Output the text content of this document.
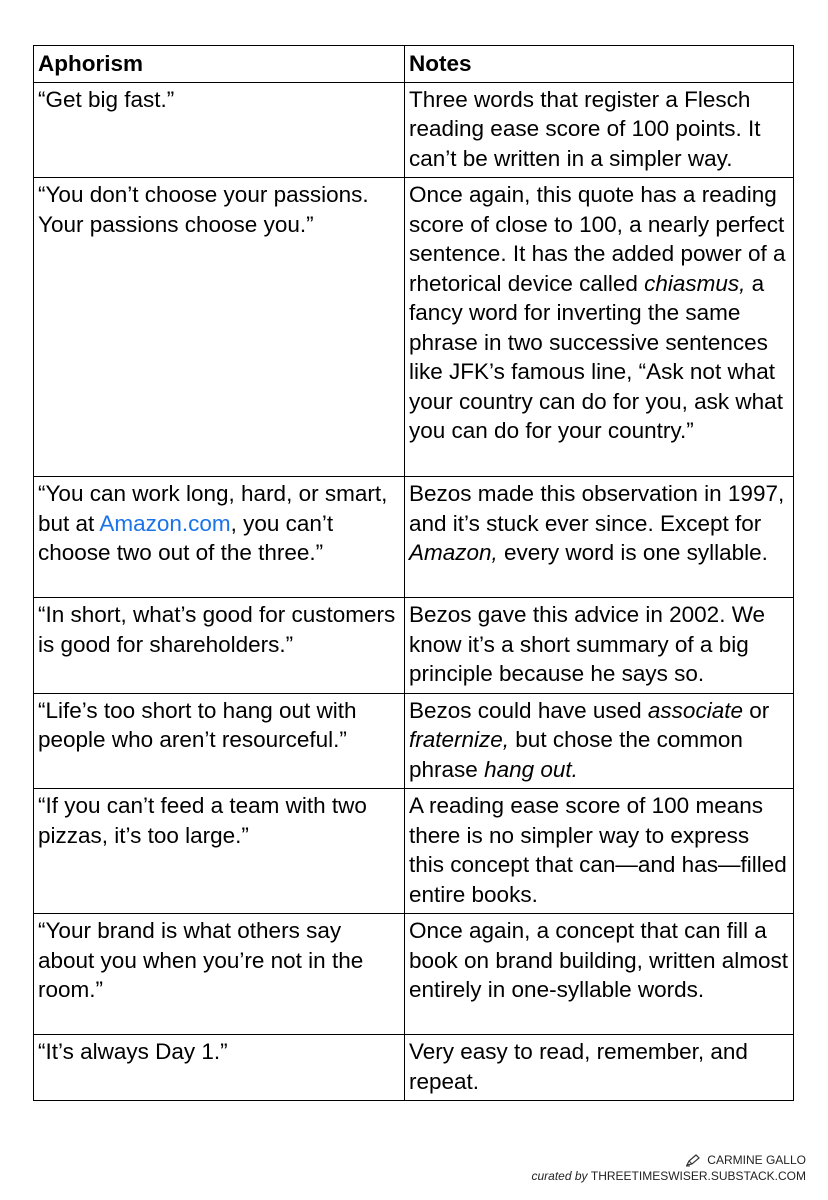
Aphorism	Notes
“Get big fast.”	Three words that register a Flesch reading ease score of 100 points. It can’t be written in a simpler way.
“You don’t choose your passions. Your passions choose you.”	Once again, this quote has a reading score of close to 100, a nearly perfect sentence. It has the added power of a rhetorical device called chiasmus, a fancy word for inverting the same phrase in two successive sentences like JFK’s famous line, “Ask not what your country can do for you, ask what you can do for your country.”
“You can work long, hard, or smart, but at Amazon.com, you can’t choose two out of the three.”	Bezos made this observation in 1997, and it’s stuck ever since. Except for Amazon, every word is one syllable.
“In short, what’s good for customers is good for shareholders.”	Bezos gave this advice in 2002. We know it’s a short summary of a big principle because he says so.
“Life’s too short to hang out with people who aren’t resourceful.”	Bezos could have used associate or fraternize, but chose the common phrase hang out.
“If you can’t feed a team with two pizzas, it’s too large.”	A reading ease score of 100 means there is no simpler way to express this concept that can—and has—filled entire books.
“Your brand is what others say about you when you’re not in the room.”	Once again, a concept that can fill a book on brand building, written almost entirely in one-syllable words.
“It’s always Day 1.”	Very easy to read, remember, and repeat.
CARMINE GALLO
curated by THREETIMESWISER.SUBSTACK.COM
